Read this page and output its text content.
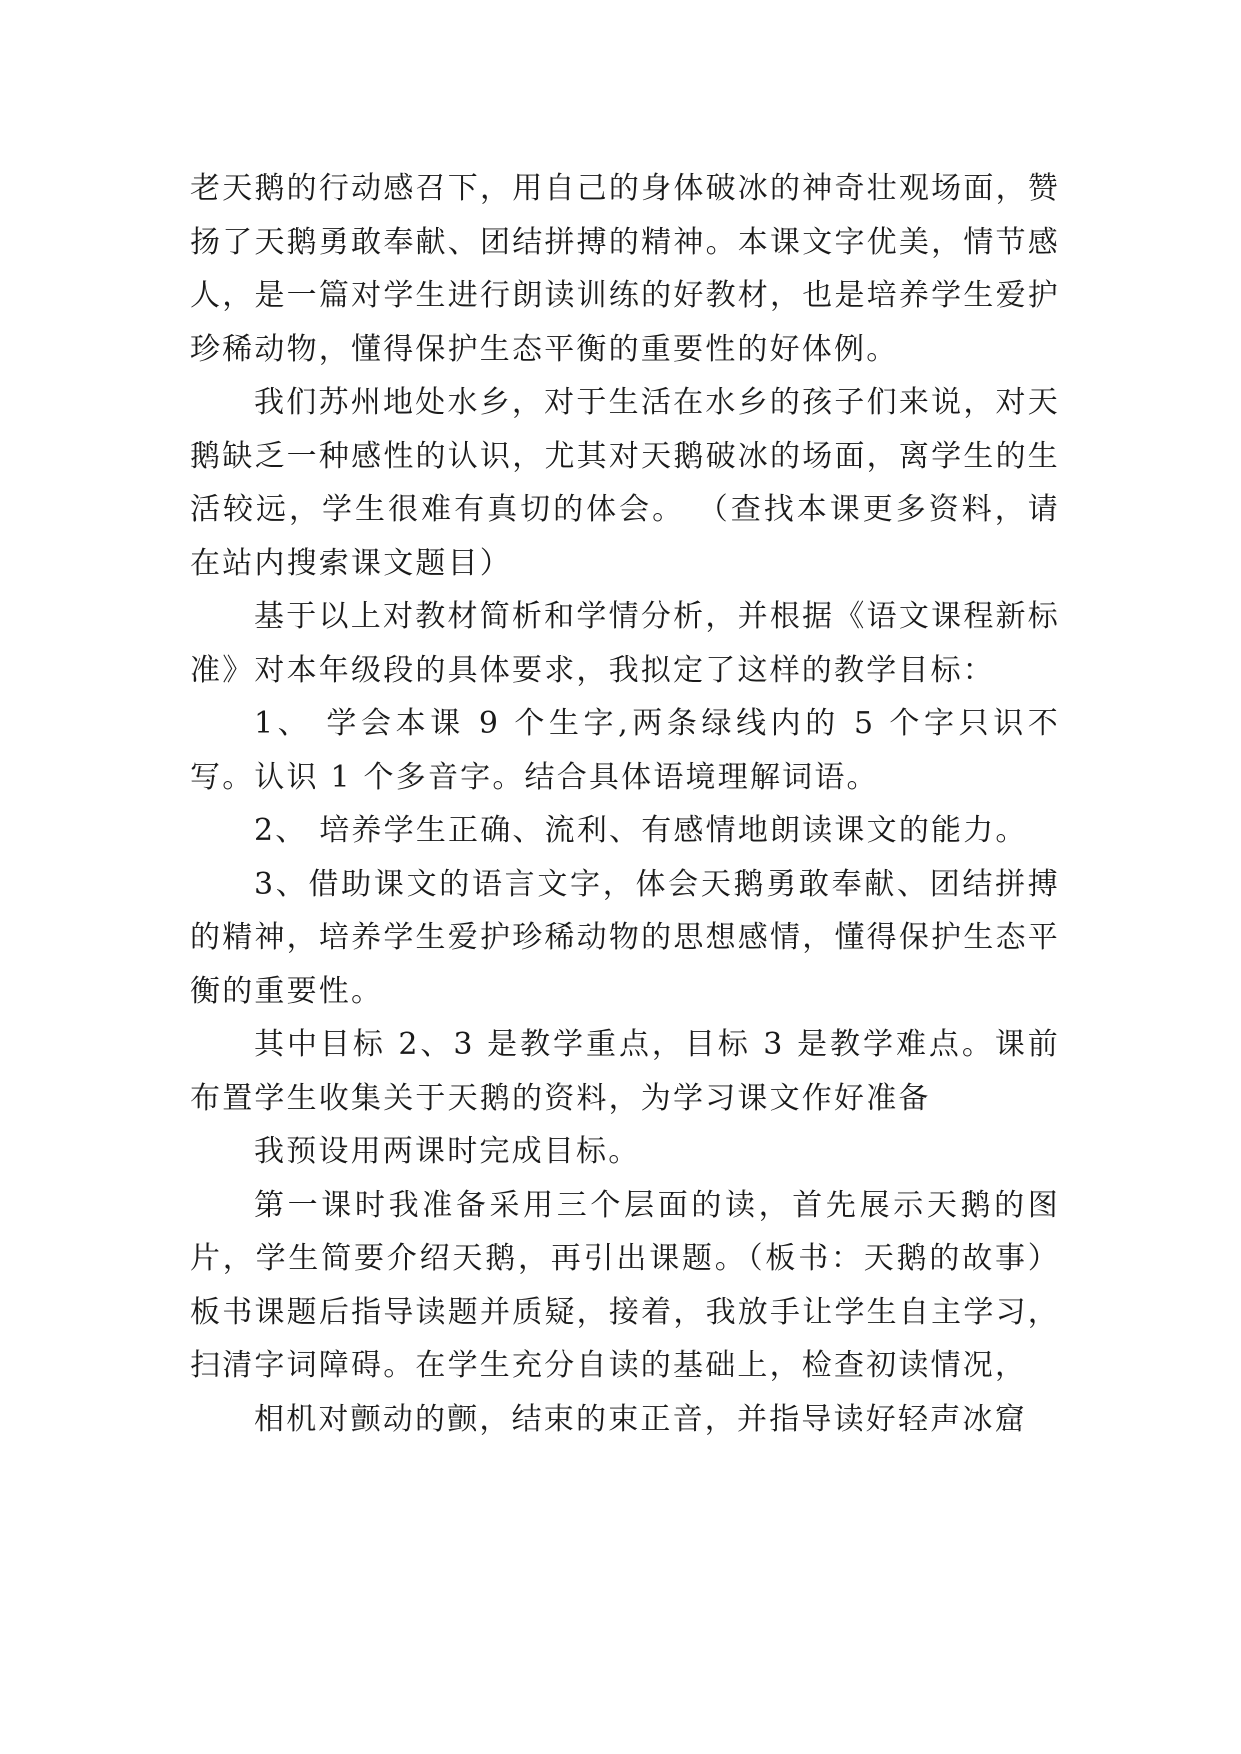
老天鹅的行动感召下，用自己的身体破冰的神奇壮观场面，赞扬了天鹅勇敢奉献、团结拼搏的精神。本课文字优美，情节感人，是一篇对学生进行朗读训练的好教材，也是培养学生爱护珍稀动物，懂得保护生态平衡的重要性的好体例。

我们苏州地处水乡，对于生活在水乡的孩子们来说，对天鹅缺乏一种感性的认识，尤其对天鹅破冰的场面，离学生的生活较远，学生很难有真切的体会。 （查找本课更多资料，请在站内搜索课文题目）

基于以上对教材简析和学情分析，并根据《语文课程新标准》对本年级段的具体要求，我拟定了这样的教学目标：

1、 学会本课 9 个生字,两条绿线内的 5 个字只识不写。认识 1 个多音字。结合具体语境理解词语。

2、 培养学生正确、流利、有感情地朗读课文的能力。

3、借助课文的语言文字，体会天鹅勇敢奉献、团结拼搏的精神，培养学生爱护珍稀动物的思想感情，懂得保护生态平衡的重要性。

其中目标 2、3 是教学重点，目标 3 是教学难点。课前布置学生收集关于天鹅的资料，为学习课文作好准备

我预设用两课时完成目标。

第一课时我准备采用三个层面的读，首先展示天鹅的图片，学生简要介绍天鹅，再引出课题。（板书：天鹅的故事）板书课题后指导读题并质疑，接着，我放手让学生自主学习，扫清字词障碍。在学生充分自读的基础上，检查初读情况，

相机对颤动的颤，结束的束正音，并指导读好轻声冰窟
